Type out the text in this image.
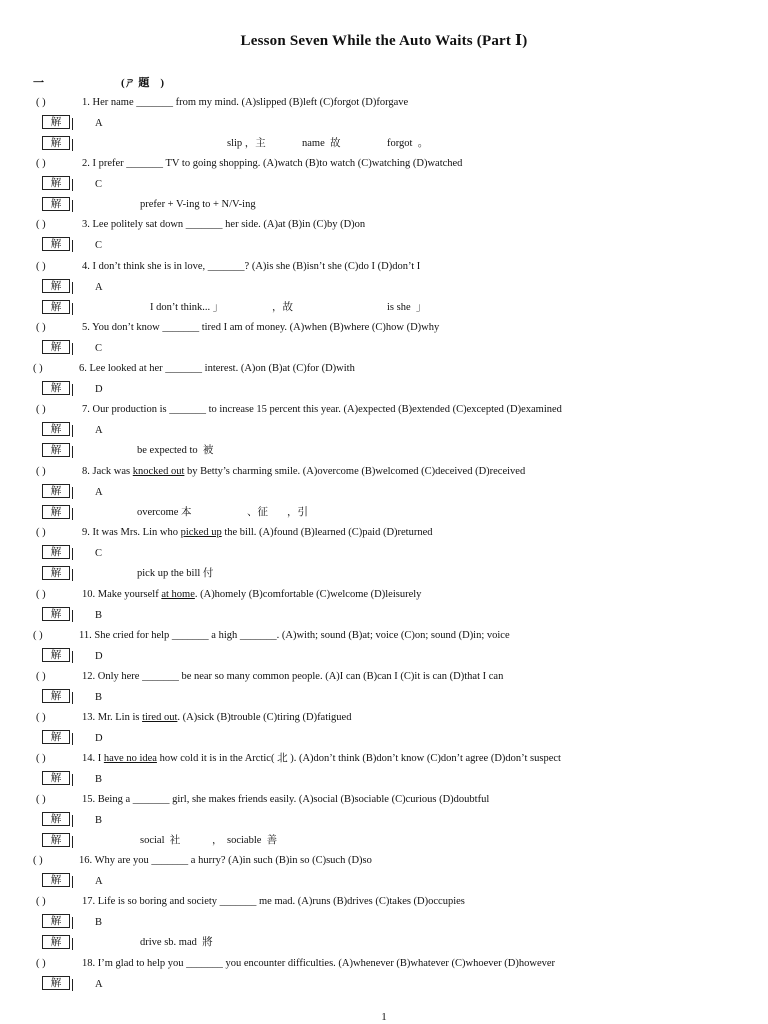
Lesson Seven While the Auto Waits (Part Ⅰ)
一	(ㄕ 題    )
( )	1. Her name _______ from my mind. (A)slipped (B)left (C)forgot (D)forgave
解	A
解	slip ，主	name  故	forgot  。
( )	2. I prefer _______ TV to going shopping. (A)watch (B)to watch (C)watching (D)watched
解	C
解	prefer + V-ing to + N/V-ing
( )	3. Lee politely sat down _______ her side. (A)at (B)in (C)by (D)on
解	C
( )	4. I don’t think she is in love, _______? (A)is she (B)isn’t she (C)do I (D)don’t I
解	A
解	I don’t think... 」	，故	is she  」
( )	5. You don’t know _______ tired I am of money. (A)when (B)where (C)how (D)why
解	C
( )	6. Lee looked at her _______ interest. (A)on (B)at (C)for (D)with
解	D
( )	7. Our production is _______ to increase 15 percent this year. (A)expected (B)extended (C)excepted (D)examined
解	A
解	be expected to  被
( )	8. Jack was knocked out by Betty’s charming smile. (A)overcome (B)welcomed (C)deceived (D)received
解	A
解	overcome 本	、征 ，引
( )	9. It was Mrs. Lin who picked up the bill. (A)found (B)learned (C)paid (D)returned
解	C
解	pick up the bill 付
( )	10. Make yourself at home. (A)homely (B)comfortable (C)welcome (D)leisurely
解	B
( )	11. She cried for help _______ a high _______. (A)with; sound (B)at; voice (C)on; sound (D)in; voice
解	D
( )	12. Only here _______ be near so many common people. (A)I can (B)can I (C)it is can (D)that I can
解	B
( )	13. Mr. Lin is tired out. (A)sick (B)trouble (C)tiring (D)fatigued
解	D
( )	14. I have no idea how cold it is in the Arctic( 北 ). (A)don’t think (B)don’t know (C)don’t agree (D)don’t suspect
解	B
( )	15. Being a _______ girl, she makes friends easily. (A)social (B)sociable (C)curious (D)doubtful
解	B
解	social  社	， sociable  善
( )	16. Why are you _______ a hurry? (A)in such (B)in so (C)such (D)so
解	A
( )	17. Life is so boring and society _______ me mad. (A)runs (B)drives (C)takes (D)occupies
解	B
解	drive sb. mad  將
( )	18. I’m glad to help you _______ you encounter difficulties. (A)whenever (B)whatever (C)whoever (D)however
解	A
1
